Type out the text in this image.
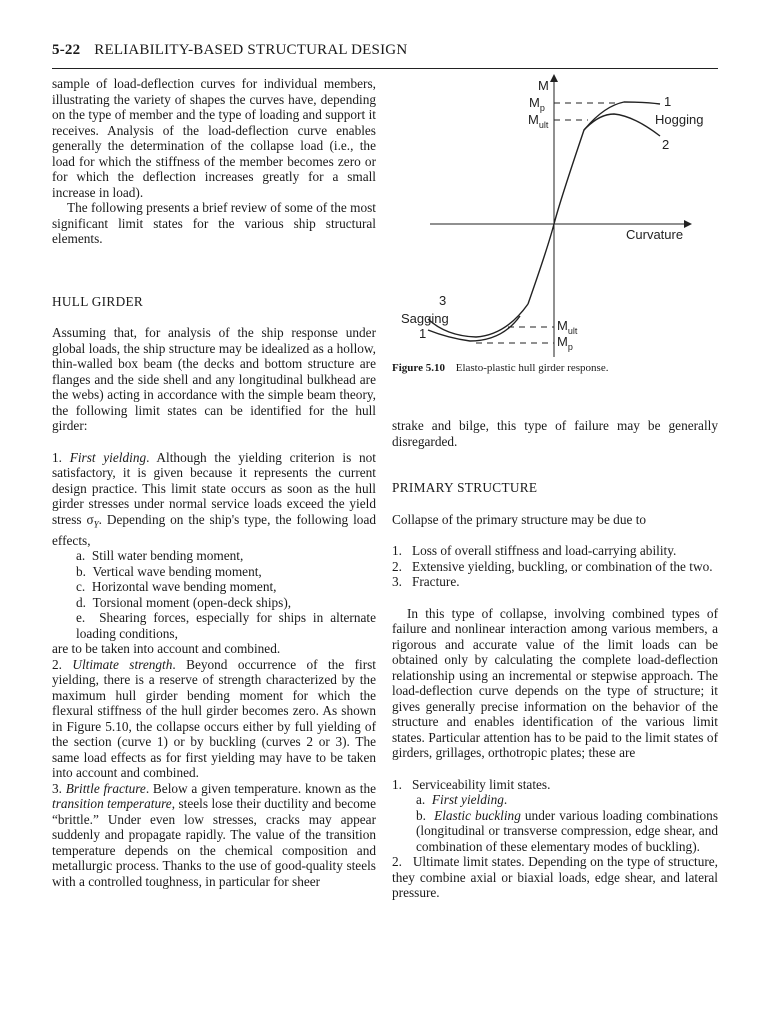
5-22 RELIABILITY-BASED STRUCTURAL DESIGN

sample of load-deflection curves for individual members, illustrating the variety of shapes the curves have, depending on the type of member and the type of loading and support it receives. Analysis of the load-deflection curve enables generally the determination of the collapse load (i.e., the load for which the stiffness of the member becomes zero or for which the deflection increases greatly for a small increase in load).

The following presents a brief review of some of the most significant limit states for the various ship structural elements.

HULL GIRDER

Assuming that, for analysis of the ship response under global loads, the ship structure may be idealized as a hollow, thin-walled box beam (the decks and bottom structure are flanges and the side shell and any longitudinal bulkhead are the webs) acting in accordance with the simple beam theory, the following limit states can be identified for the hull girder:

1. First yielding. Although the yielding criterion is not satisfactory, it is given because it represents the current design practice. This limit state occurs as soon as the hull girder stresses under normal service loads exceed the yield stress $\sigma_Y$. Depending on the ship's type, the following load effects,

a.  Still water bending moment,

b.  Vertical wave bending moment,

c.  Horizontal wave bending moment,

d.  Torsional moment (open-deck ships),

e.  Shearing forces, especially for ships in alternate loading conditions,

are to be taken into account and combined.

2. Ultimate strength. Beyond occurrence of the first yielding, there is a reserve of strength characterized by the maximum hull girder bending moment for which the flexural stiffness of the hull girder becomes zero. As shown in Figure 5.10, the collapse occurs either by full yielding of the section (curve 1) or by buckling (curves 2 or 3). The same load effects as for first yielding may have to be taken into account and combined.

3. Brittle fracture. Below a given temperature. known as the transition temperature, steels lose their ductility and become “brittle.” Under even low stresses, cracks may appear suddenly and propagate rapidly. The value of the transition temperature depends on the chemical composition and metallurgic process. Thanks to the use of good-quality steels with a controlled toughness, in particular for sheer

M
$M_p$
$M_{ult}$
1
Hogging
2
Curvature
3
Sagging
1
$M_{ult}$
$M_p$
Figure 5.10 Elasto-plastic hull girder response.

strake and bilge, this type of failure may be generally disregarded.

PRIMARY STRUCTURE

Collapse of the primary structure may be due to

1.   Loss of overall stiffness and load-carrying ability.

2.   Extensive yielding, buckling, or combination of the two.

3.   Fracture.

In this type of collapse, involving combined types of failure and nonlinear interaction among various members, a rigorous and accurate value of the limit loads can be obtained only by calculating the complete load-deflection relationship using an incremental or stepwise approach. The load-deflection curve depends on the type of structure; it gives generally precise information on the behavior of the structure and enables identification of the various limit states. Particular attention has to be paid to the limit states of girders, grillages, orthotropic plates; these are

1.   Serviceability limit states.

a.  First yielding.

b.  Elastic buckling under various loading combinations (longitudinal or transverse compression, edge shear, and combination of these elementary modes of buckling).

2.   Ultimate limit states. Depending on the type of structure, they combine axial or biaxial loads, edge shear, and lateral pressure.
